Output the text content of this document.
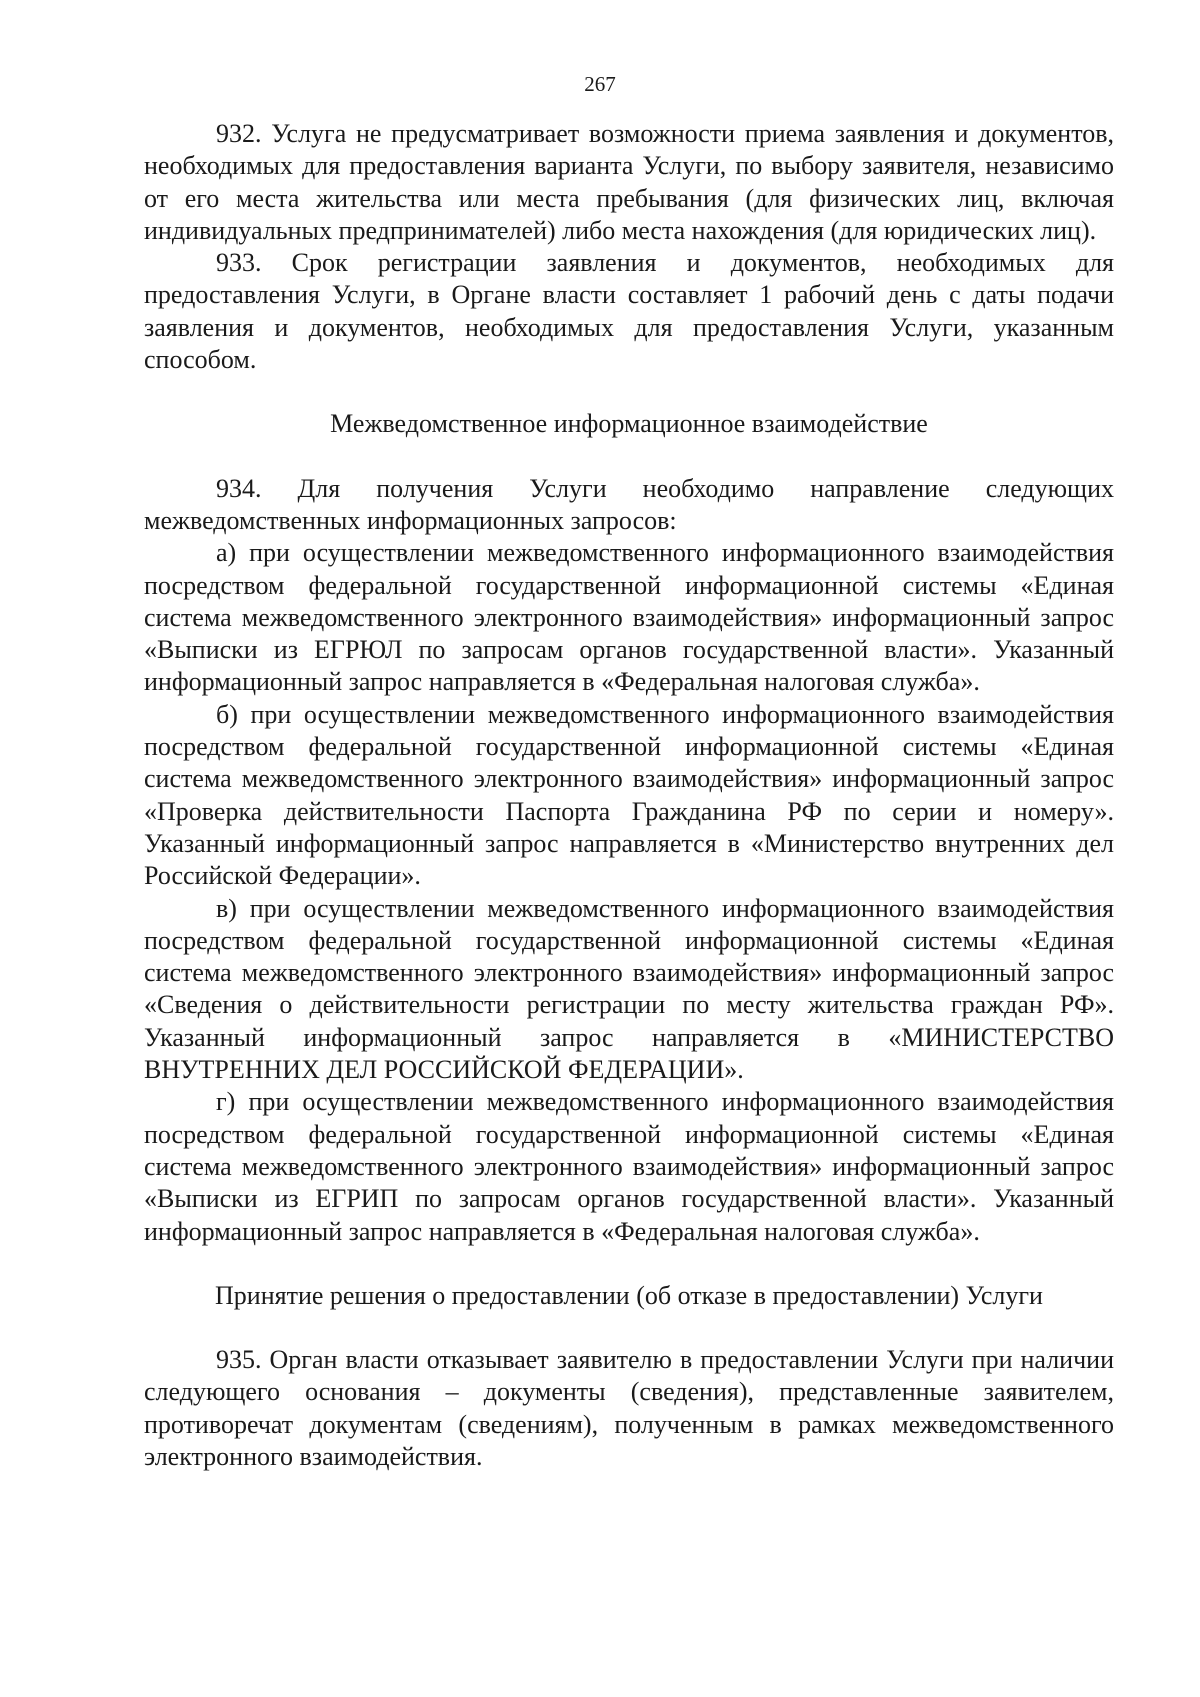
267

932. Услуга не предусматривает возможности приема заявления и документов, необходимых для предоставления варианта Услуги, по выбору заявителя, независимо от его места жительства или места пребывания (для физических лиц, включая индивидуальных предпринимателей) либо места нахождения (для юридических лиц).

933. Срок регистрации заявления и документов, необходимых для предоставления Услуги, в Органе власти составляет 1 рабочий день с даты подачи заявления и документов, необходимых для предоставления Услуги, указанным способом.

Межведомственное информационное взаимодействие

934. Для получения Услуги необходимо направление следующих межведомственных информационных запросов:

а) при осуществлении межведомственного информационного взаимодействия посредством федеральной государственной информационной системы «Единая система межведомственного электронного взаимодействия» информационный запрос «Выписки из ЕГРЮЛ по запросам органов государственной власти». Указанный информационный запрос направляется в «Федеральная налоговая служба».

б) при осуществлении межведомственного информационного взаимодействия посредством федеральной государственной информационной системы «Единая система межведомственного электронного взаимодействия» информационный запрос «Проверка действительности Паспорта Гражданина РФ по серии и номеру». Указанный информационный запрос направляется в «Министерство внутренних дел Российской Федерации».

в) при осуществлении межведомственного информационного взаимодействия посредством федеральной государственной информационной системы «Единая система межведомственного электронного взаимодействия» информационный запрос «Сведения о действительности регистрации по месту жительства граждан РФ». Указанный информационный запрос направляется в «МИНИСТЕРСТВО ВНУТРЕННИХ ДЕЛ РОССИЙСКОЙ ФЕДЕРАЦИИ».

г) при осуществлении межведомственного информационного взаимодействия посредством федеральной государственной информационной системы «Единая система межведомственного электронного взаимодействия» информационный запрос «Выписки из ЕГРИП по запросам органов государственной власти». Указанный информационный запрос направляется в «Федеральная налоговая служба».

Принятие решения о предоставлении (об отказе в предоставлении) Услуги

935. Орган власти отказывает заявителю в предоставлении Услуги при наличии следующего основания – документы (сведения), представленные заявителем, противоречат документам (сведениям), полученным в рамках межведомственного электронного взаимодействия.
